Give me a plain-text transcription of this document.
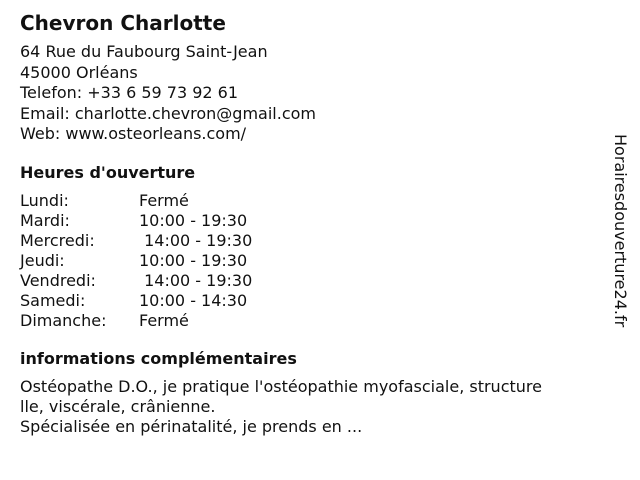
Chevron Charlotte
64 Rue du Faubourg Saint-Jean
45000 Orléans
Telefon: +33 6 59 73 92 61
Email: charlotte.chevron@gmail.com
Web: www.osteorleans.com/
Heures d'ouverture
Lundi:	Fermé
Mardi:	10:00 - 19:30
Mercredi:	14:00 - 19:30
Jeudi:	10:00 - 19:30
Vendredi:	14:00 - 19:30
Samedi:	10:00 - 14:30
Dimanche:	Fermé
informations complémentaires
Ostéopathe D.O., je pratique l'ostéopathie myofasciale, structure
lle, viscérale, crânienne.
Spécialisée en périnatalité, je prends en ...
Horairesdouverture24.fr
